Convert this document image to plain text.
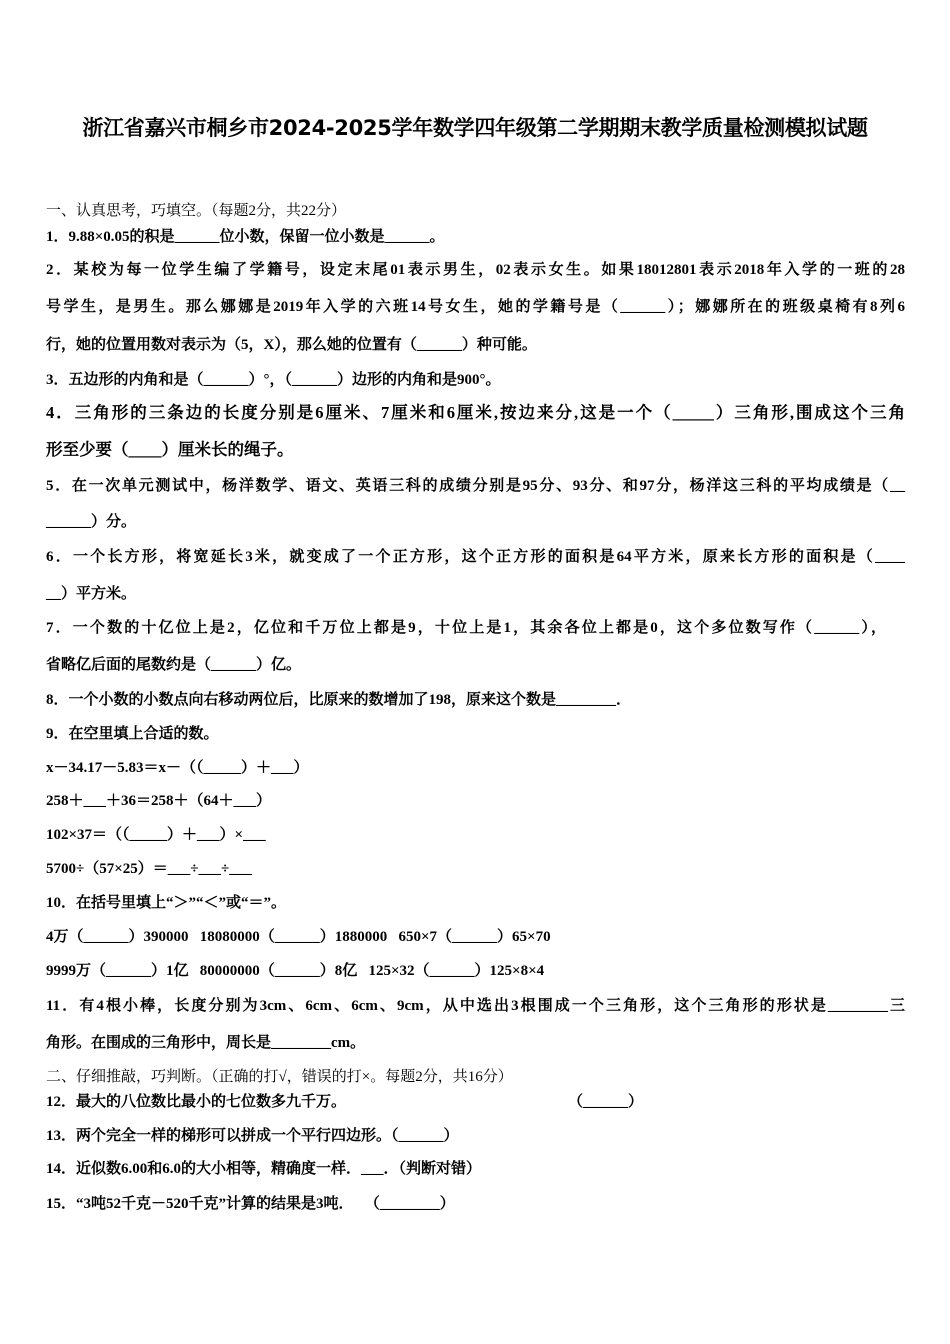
浙江省嘉兴市桐乡市2024-2025学年数学四年级第二学期期末教学质量检测模拟试题
一、认真思考，巧填空。（每题2分，共22分）
1．9.88×0.05的积是______位小数，保留一位小数是______。
2．某校为每一位学生编了学籍号，设定末尾01表示男生，02表示女生。如果18012801表示2018年入学的一班的28
号学生，是男生。那么娜娜是2019年入学的六班14号女生，她的学籍号是（______）；娜娜所在的班级桌椅有8列6
行，她的位置用数对表示为（5，X），那么她的位置有（______）种可能。
3．五边形的内角和是（______）°，（______）边形的内角和是900°。
4．三角形的三条边的长度分别是6厘米、7厘米和6厘米,按边来分,这是一个（_____）三角形,围成这个三角
形至少要（____）厘米长的绳子。
5．在一次单元测试中，杨洋数学、语文、英语三科的成绩分别是95分、93分、和97分，杨洋这三科的平均成绩是（__
______）分。
6．一个长方形，将宽延长3米，就变成了一个正方形，这个正方形的面积是64平方米，原来长方形的面积是（____
__）平方米。
7．一个数的十亿位上是2，亿位和千万位上都是9，十位上是1，其余各位上都是0，这个多位数写作（______），
省略亿后面的尾数约是（______）亿。
8．一个小数的小数点向右移动两位后，比原来的数增加了198，原来这个数是________．
9．在空里填上合适的数。
x－34.17－5.83＝x－（（_____）＋___）
258＋___＋36＝258＋（64＋___）
102×37＝（（_____）＋___）×___
5700÷（57×25）＝___÷___÷___
10．在括号里填上“＞”“＜”或“＝”。
4万（______）390000   18080000（______）1880000   650×7（______）65×70
9999万（______）1亿   80000000（______）8亿   125×32（______）125×8×4
11．有4根小棒，长度分别为3cm、6cm、6cm、9cm，从中选出3根围成一个三角形，这个三角形的形状是________三
角形。在围成的三角形中，周长是________cm。
二、仔细推敲，巧判断。（正确的打√，错误的打×。每题2分，共16分）
12．最大的八位数比最小的七位数多九千万。	（______）
13．两个完全一样的梯形可以拼成一个平行四边形。（______）
14．近似数6.00和6.0的大小相等，精确度一样．___．（判断对错）
15．“3吨52千克－520千克”计算的结果是3吨．   （________）
